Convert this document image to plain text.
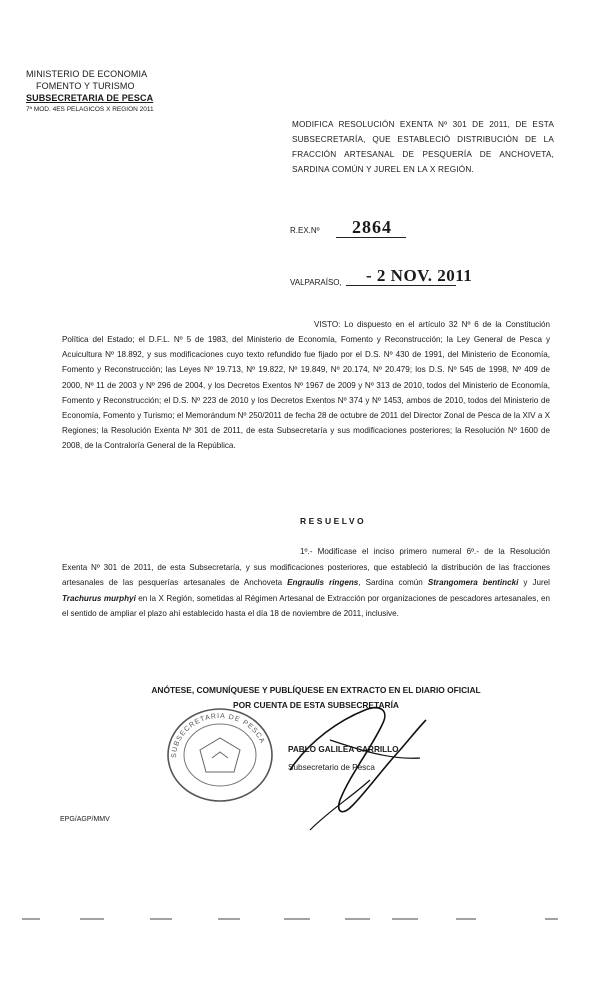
MINISTERIO DE ECONOMIA
FOMENTO Y TURISMO
SUBSECRETARIA DE PESCA
7ª MOD. 4ES PELAGICOS X REGION 2011
MODIFICA RESOLUCIÓN EXENTA Nº 301 DE 2011, DE ESTA SUBSECRETARÍA, QUE ESTABLECIÓ DISTRIBUCIÓN DE LA FRACCIÓN ARTESANAL DE PESQUERÍA DE ANCHOVETA, SARDINA COMÚN Y JUREL EN LA X REGIÓN.
R.EX.Nº 2864
VALPARAÍSO, - 2 NOV. 2011
VISTO: Lo dispuesto en el artículo 32 Nº 6 de la Constitución Política del Estado; el D.F.L. Nº 5 de 1983, del Ministerio de Economía, Fomento y Reconstrucción; la Ley General de Pesca y Acuicultura Nº 18.892, y sus modificaciones cuyo texto refundido fue fijado por el D.S. Nº 430 de 1991, del Ministerio de Economía, Fomento y Reconstrucción; las Leyes Nº 19.713, Nº 19.822, Nº 19.849, Nº 20.174, Nº 20.479; los D.S. Nº 545 de 1998, Nº 409 de 2000, Nº 11 de 2003 y Nº 296 de 2004, y los Decretos Exentos Nº 1967 de 2009 y Nº 313 de 2010, todos del Ministerio de Economía, Fomento y Reconstrucción; el D.S. Nº 223 de 2010 y los Decretos Exentos Nº 374 y Nº 1453, ambos de 2010, todos del Ministerio de Economía, Fomento y Turismo; el Memorándum Nº 250/2011 de fecha 28 de octubre de 2011 del Director Zonal de Pesca de la XIV a X Regiones; la Resolución Exenta Nº 301 de 2011, de esta Subsecretaría y sus modificaciones posteriores; la Resolución Nº 1600 de 2008, de la Contraloría General de la República.
RESUELVO
1º.- Modifícase el inciso primero numeral 6º.- de la Resolución Exenta Nº 301 de 2011, de esta Subsecretaría, y sus modificaciones posteriores, que estableció la distribución de las fracciones artesanales de las pesquerías artesanales de Anchoveta Engraulis ringens, Sardina común Strangomera bentincki y Jurel Trachurus murphyi en la X Región, sometidas al Régimen Artesanal de Extracción por organizaciones de pescadores artesanales, en el sentido de ampliar el plazo ahí establecido hasta el día 18 de noviembre de 2011, inclusive.
ANÓTESE, COMUNÍQUESE Y PUBLÍQUESE EN EXTRACTO EN EL DIARIO OFICIAL
POR CUENTA DE ESTA SUBSECRETARÍA
SUBSECRETARIA DE PESCA
PABLO GALILEA CARRILLO
Subsecretario de Pesca
EPG/AGP/MMV
